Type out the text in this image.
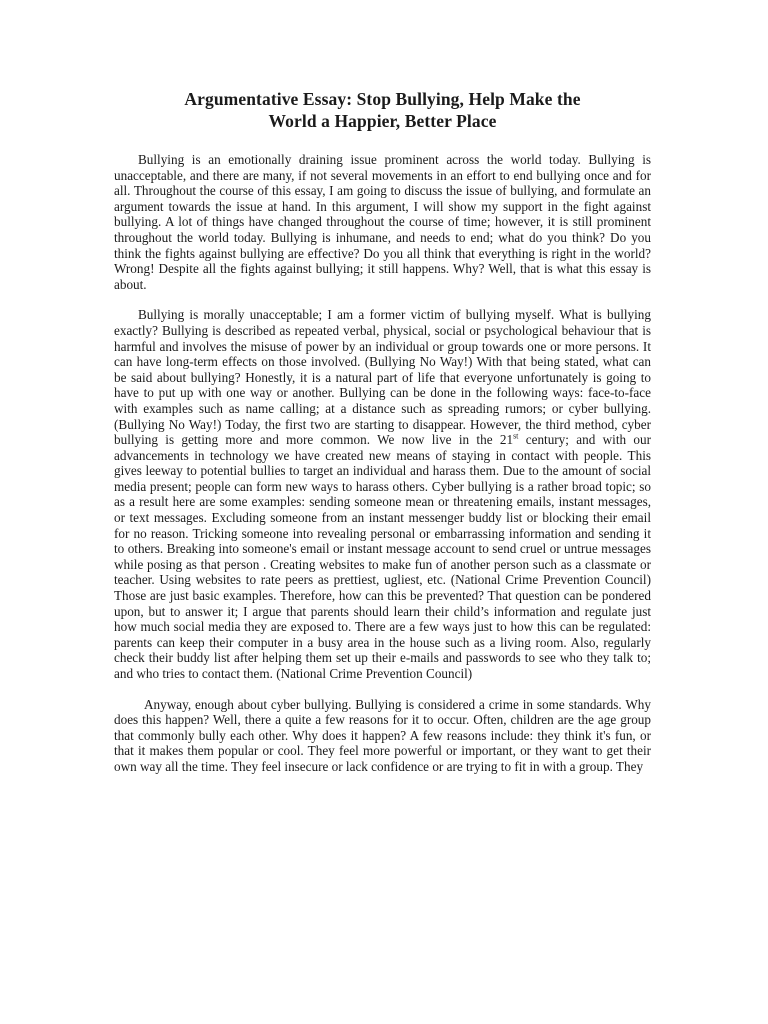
Argumentative Essay: Stop Bullying, Help Make the
World a Happier, Better Place

Bullying is an emotionally draining issue prominent across the world today. Bullying is unacceptable, and there are many, if not several movements in an effort to end bullying once and for all. Throughout the course of this essay, I am going to discuss the issue of bullying, and formulate an argument towards the issue at hand. In this argument, I will show my support in the fight against bullying. A lot of things have changed throughout the course of time; however, it is still prominent throughout the world today. Bullying is inhumane, and needs to end; what do you think? Do you think the fights against bullying are effective? Do you all think that everything is right in the world? Wrong! Despite all the fights against bullying; it still happens. Why? Well, that is what this essay is about.

Bullying is morally unacceptable; I am a former victim of bullying myself. What is bullying exactly? Bullying is described as repeated verbal, physical, social or psychological behaviour that is harmful and involves the misuse of power by an individual or group towards one or more persons. It can have long-term effects on those involved. (Bullying No Way!) With that being stated, what can be said about bullying? Honestly, it is a natural part of life that everyone unfortunately is going to have to put up with one way or another. Bullying can be done in the following ways: face-to-face with examples such as name calling; at a distance such as spreading rumors; or cyber bullying. (Bullying No Way!) Today, the first two are starting to disappear. However, the third method, cyber bullying is getting more and more common. We now live in the 21st century; and with our advancements in technology we have created new means of staying in contact with people. This gives leeway to potential bullies to target an individual and harass them. Due to the amount of social media present; people can form new ways to harass others. Cyber bullying is a rather broad topic; so as a result here are some examples: sending someone mean or threatening emails, instant messages, or text messages. Excluding someone from an instant messenger buddy list or blocking their email for no reason. Tricking someone into revealing personal or embarrassing information and sending it to others. Breaking into someone's email or instant message account to send cruel or untrue messages while posing as that person . Creating websites to make fun of another person such as a classmate or teacher. Using websites to rate peers as prettiest, ugliest, etc. (National Crime Prevention Council) Those are just basic examples. Therefore, how can this be prevented? That question can be pondered upon, but to answer it; I argue that parents should learn their child’s information and regulate just how much social media they are exposed to. There are a few ways just to how this can be regulated: parents can keep their computer in a busy area in the house such as a living room. Also, regularly check their buddy list after helping them set up their e-mails and passwords to see who they talk to; and who tries to contact them. (National Crime Prevention Council)

Anyway, enough about cyber bullying. Bullying is considered a crime in some standards. Why does this happen? Well, there a quite a few reasons for it to occur. Often, children are the age group that commonly bully each other. Why does it happen? A few reasons include: they think it's fun, or that it makes them popular or cool. They feel more powerful or important, or they want to get their own way all the time. They feel insecure or lack confidence or are trying to fit in with a group. They
